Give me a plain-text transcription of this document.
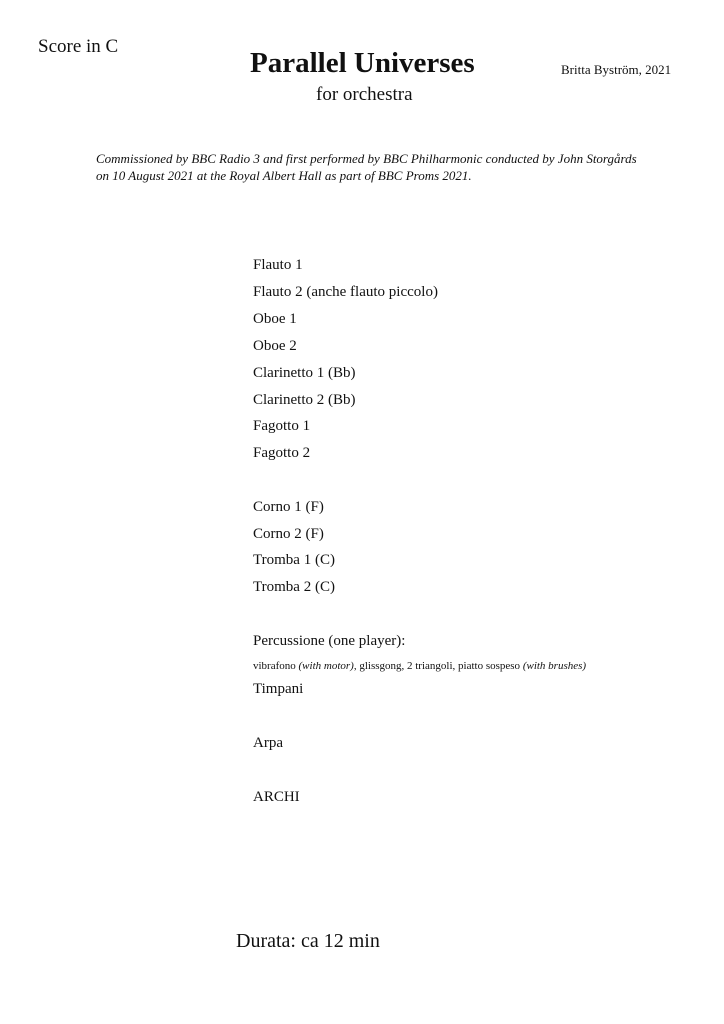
Score in C
Parallel Universes	Britta Byström, 2021
for orchestra
Commissioned by BBC Radio 3 and first performed by BBC Philharmonic conducted by John Storgårds
on 10 August 2021 at the Royal Albert Hall as part of BBC Proms 2021.
Flauto 1
Flauto 2 (anche flauto piccolo)
Oboe 1
Oboe 2
Clarinetto 1 (Bb)
Clarinetto 2 (Bb)
Fagotto 1
Fagotto 2
Corno 1 (F)
Corno 2 (F)
Tromba 1 (C)
Tromba 2 (C)
Percussione (one player):
vibrafono (with motor), glissgong, 2 triangoli, piatto sospeso (with brushes)
Timpani
Arpa
ARCHI
Durata: ca 12 min
